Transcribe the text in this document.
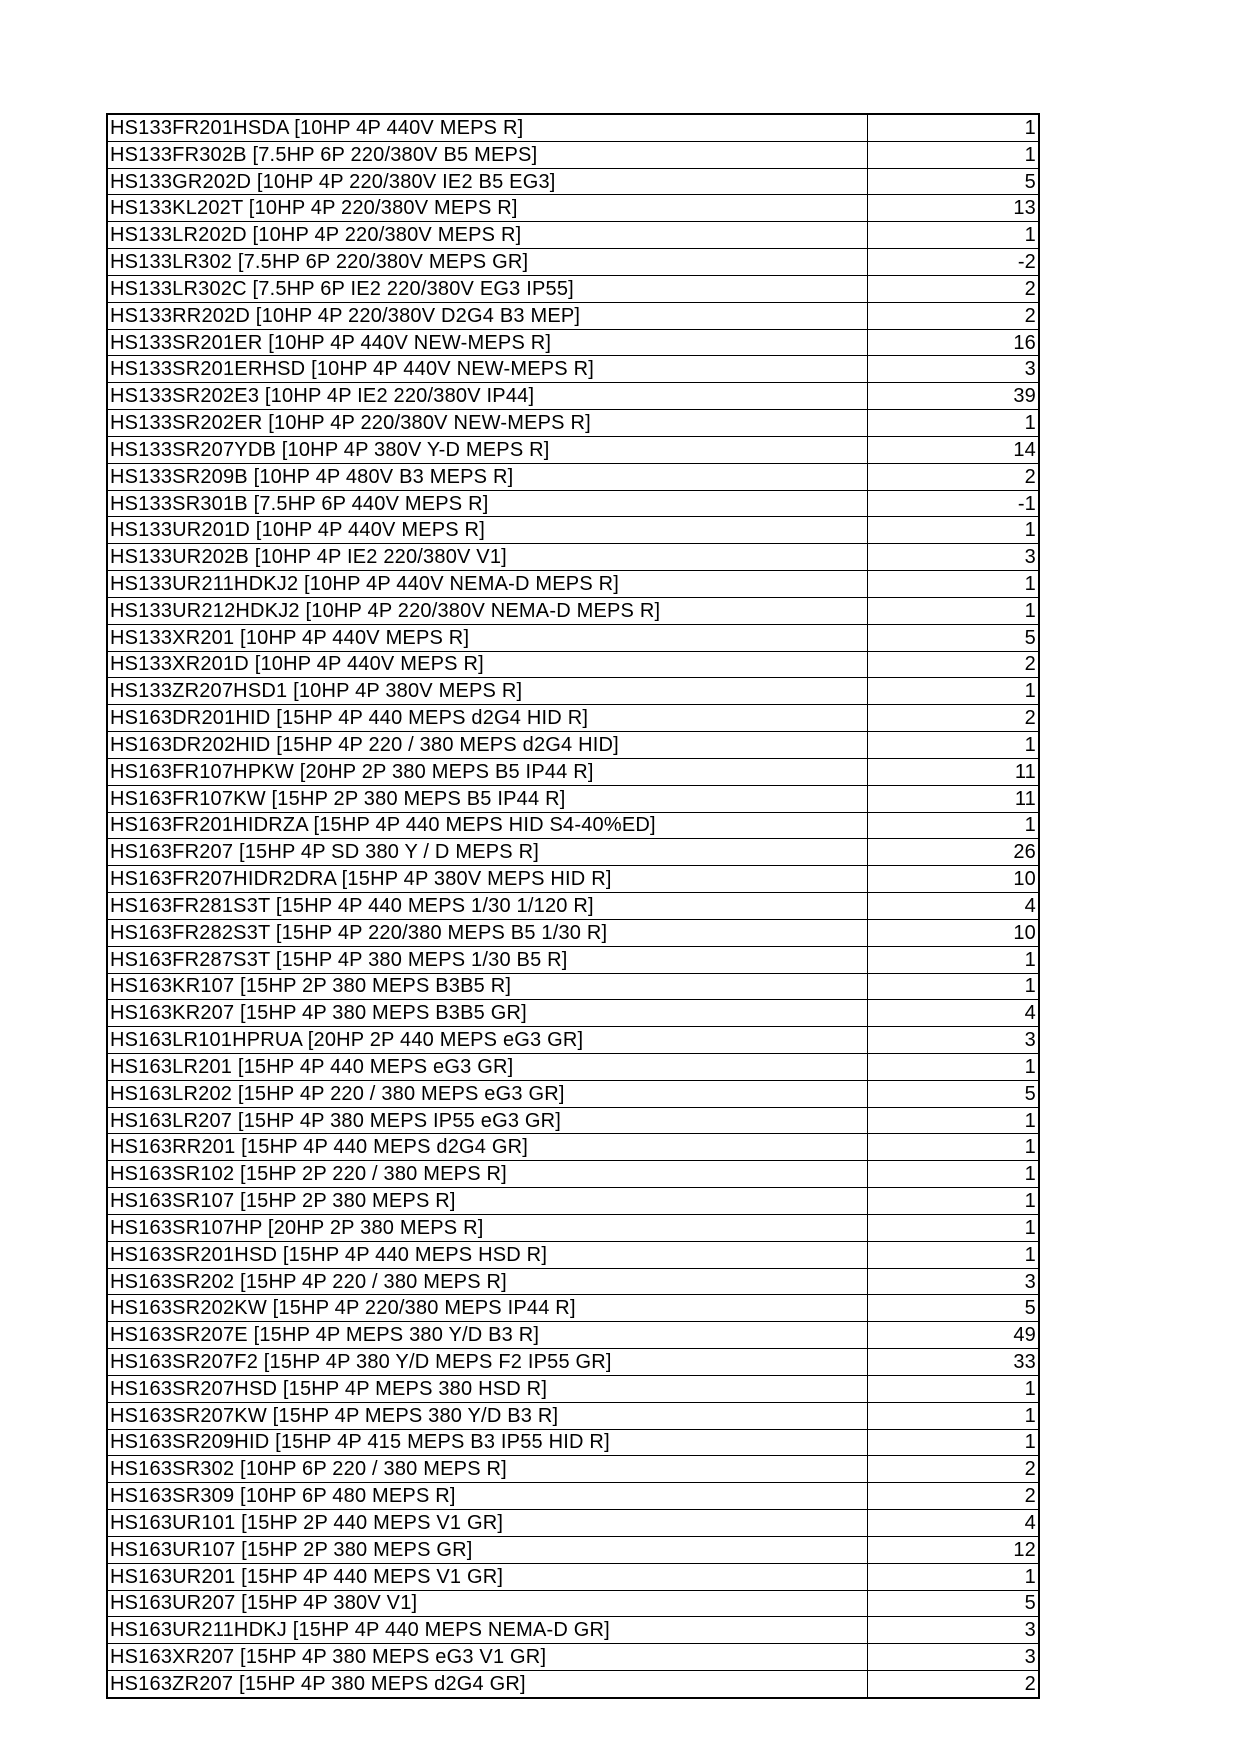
HS133FR201HSDA [10HP 4P 440V MEPS R]	1
HS133FR302B [7.5HP 6P 220/380V B5 MEPS]	1
HS133GR202D [10HP 4P 220/380V IE2 B5 EG3]	5
HS133KL202T [10HP 4P 220/380V MEPS R]	13
HS133LR202D [10HP 4P 220/380V MEPS R]	1
HS133LR302 [7.5HP 6P 220/380V MEPS GR]	-2
HS133LR302C [7.5HP 6P IE2 220/380V EG3 IP55]	2
HS133RR202D [10HP 4P 220/380V D2G4 B3 MEP]	2
HS133SR201ER [10HP 4P 440V NEW-MEPS R]	16
HS133SR201ERHSD [10HP 4P 440V NEW-MEPS R]	3
HS133SR202E3 [10HP 4P IE2 220/380V IP44]	39
HS133SR202ER [10HP 4P 220/380V NEW-MEPS R]	1
HS133SR207YDB [10HP 4P 380V Y-D MEPS R]	14
HS133SR209B [10HP 4P 480V B3 MEPS R]	2
HS133SR301B [7.5HP 6P 440V MEPS R]	-1
HS133UR201D [10HP 4P 440V MEPS R]	1
HS133UR202B [10HP 4P IE2 220/380V V1]	3
HS133UR211HDKJ2 [10HP 4P 440V NEMA-D MEPS R]	1
HS133UR212HDKJ2 [10HP 4P 220/380V NEMA-D MEPS R]	1
HS133XR201 [10HP 4P 440V MEPS R]	5
HS133XR201D [10HP 4P 440V MEPS R]	2
HS133ZR207HSD1 [10HP 4P 380V MEPS R]	1
HS163DR201HID [15HP 4P 440 MEPS d2G4 HID R]	2
HS163DR202HID [15HP 4P 220 / 380 MEPS d2G4 HID]	1
HS163FR107HPKW [20HP 2P 380 MEPS B5 IP44 R]	11
HS163FR107KW [15HP 2P 380 MEPS B5 IP44 R]	11
HS163FR201HIDRZA [15HP 4P 440 MEPS HID S4-40%ED]	1
HS163FR207 [15HP 4P SD 380 Y / D MEPS R]	26
HS163FR207HIDR2DRA [15HP 4P 380V MEPS HID R]	10
HS163FR281S3T [15HP 4P 440 MEPS 1/30 1/120 R]	4
HS163FR282S3T [15HP 4P 220/380 MEPS B5 1/30 R]	10
HS163FR287S3T [15HP 4P 380 MEPS 1/30 B5 R]	1
HS163KR107 [15HP 2P 380 MEPS B3B5 R]	1
HS163KR207 [15HP 4P 380 MEPS B3B5 GR]	4
HS163LR101HPRUA [20HP 2P 440 MEPS eG3 GR]	3
HS163LR201 [15HP 4P 440 MEPS eG3 GR]	1
HS163LR202 [15HP 4P 220 / 380 MEPS eG3 GR]	5
HS163LR207 [15HP 4P 380 MEPS IP55 eG3 GR]	1
HS163RR201 [15HP 4P 440 MEPS d2G4 GR]	1
HS163SR102 [15HP 2P 220 / 380 MEPS R]	1
HS163SR107 [15HP 2P 380 MEPS R]	1
HS163SR107HP [20HP 2P 380 MEPS R]	1
HS163SR201HSD [15HP 4P 440 MEPS HSD R]	1
HS163SR202 [15HP 4P 220 / 380 MEPS R]	3
HS163SR202KW [15HP 4P 220/380 MEPS IP44 R]	5
HS163SR207E [15HP 4P MEPS 380 Y/D B3 R]	49
HS163SR207F2 [15HP 4P 380 Y/D MEPS F2 IP55 GR]	33
HS163SR207HSD [15HP 4P MEPS 380 HSD R]	1
HS163SR207KW [15HP 4P MEPS 380 Y/D B3 R]	1
HS163SR209HID [15HP 4P 415 MEPS B3 IP55 HID R]	1
HS163SR302 [10HP 6P 220 / 380 MEPS R]	2
HS163SR309 [10HP 6P 480 MEPS R]	2
HS163UR101 [15HP 2P 440 MEPS V1 GR]	4
HS163UR107 [15HP 2P 380 MEPS GR]	12
HS163UR201 [15HP 4P 440 MEPS V1 GR]	1
HS163UR207 [15HP 4P 380V V1]	5
HS163UR211HDKJ [15HP 4P 440 MEPS NEMA-D GR]	3
HS163XR207 [15HP 4P 380 MEPS eG3 V1 GR]	3
HS163ZR207 [15HP 4P 380 MEPS d2G4 GR]	2
